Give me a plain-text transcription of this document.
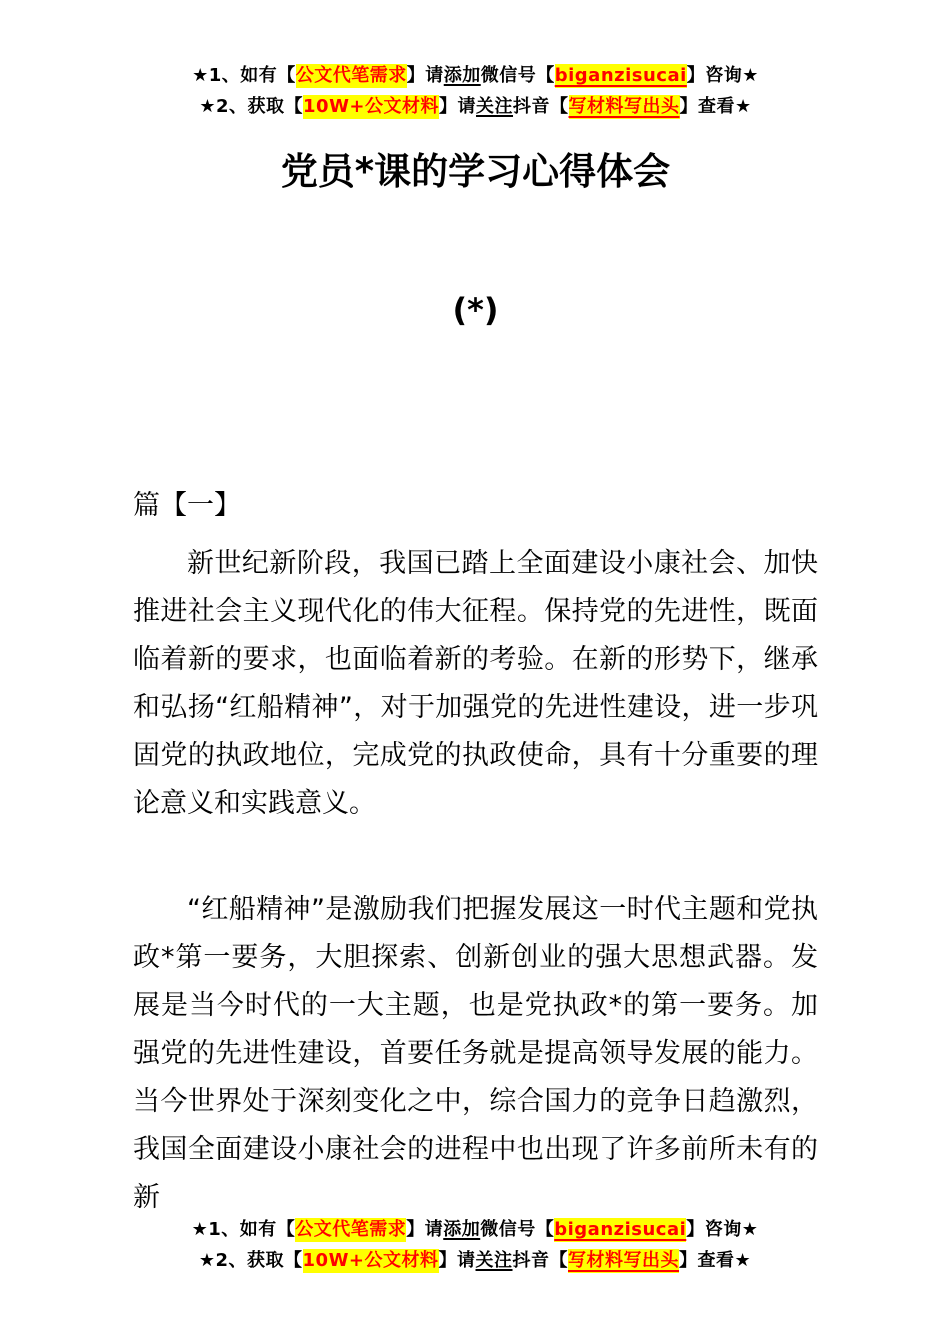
★1、如有【公文代笔需求】请添加微信号【biganzisucai】咨询★
★2、获取【10W+公文材料】请关注抖音【写材料写出头】查看★
党员*课的学习心得体会
(*)
篇【一】

新世纪新阶段，我国已踏上全面建设小康社会、加快推进社会主义现代化的伟大征程。保持党的先进性，既面临着新的要求，也面临着新的考验。在新的形势下，继承和弘扬“红船精神”，对于加强党的先进性建设，进一步巩固党的执政地位，完成党的执政使命，具有十分重要的理论意义和实践意义。

“红船精神”是激励我们把握发展这一时代主题和党执政*第一要务，大胆探索、创新创业的强大思想武器。发展是当今时代的一大主题，也是党执政*的第一要务。加强党的先进性建设，首要任务就是提高领导发展的能力。当今世界处于深刻变化之中，综合国力的竞争日趋激烈，我国全面建设小康社会的进程中也出现了许多前所未有的新

★1、如有【公文代笔需求】请添加微信号【biganzisucai】咨询★
★2、获取【10W+公文材料】请关注抖音【写材料写出头】查看★
